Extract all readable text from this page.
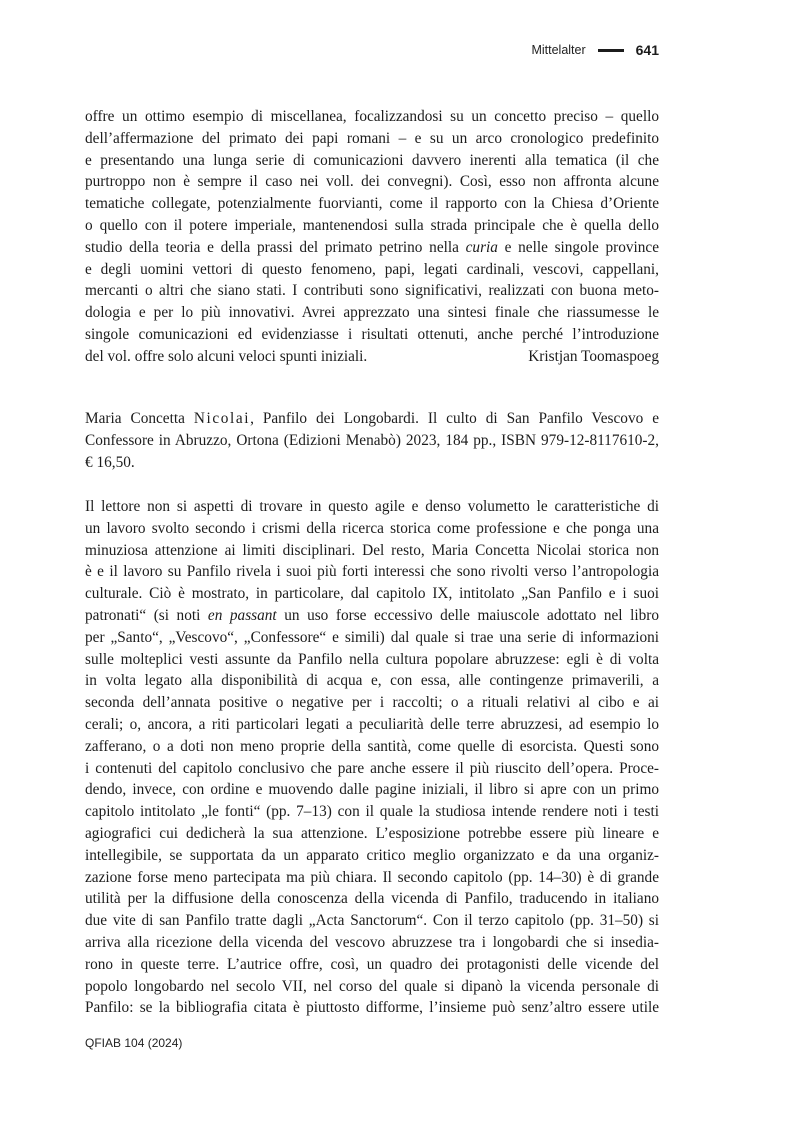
Mittelalter	641
offre un ottimo esempio di miscellanea, focalizzandosi su un concetto preciso – quello
dell’affermazione del primato dei papi romani – e su un arco cronologico predefinito
e presentando una lunga serie di comunicazioni davvero inerenti alla tematica (il che
purtroppo non è sempre il caso nei voll. dei convegni). Così, esso non affronta alcune
tematiche collegate, potenzialmente fuorvianti, come il rapporto con la Chiesa d’Oriente
o quello con il potere imperiale, mantenendosi sulla strada principale che è quella dello
studio della teoria e della prassi del primato petrino nella curia e nelle singole province
e degli uomini vettori di questo fenomeno, papi, legati cardinali, vescovi, cappellani,
mercanti o altri che siano stati. I contributi sono significativi, realizzati con buona meto-
dologia e per lo più innovativi. Avrei apprezzato una sintesi finale che riassumesse le
singole comunicazioni ed evidenziasse i risultati ottenuti, anche perché l’introduzione
del vol. offre solo alcuni veloci spunti iniziali.	Kristjan Toomaspoeg
Maria Concetta Nicolai, Panfilo dei Longobardi. Il culto di San Panfilo Vescovo e
Confessore in Abruzzo, Ortona (Edizioni Menabò) 2023, 184 pp., ISBN 979-12-8117610-2,
€ 16,50.
Il lettore non si aspetti di trovare in questo agile e denso volumetto le caratteristiche di
un lavoro svolto secondo i crismi della ricerca storica come professione e che ponga una
minuziosa attenzione ai limiti disciplinari. Del resto, Maria Concetta Nicolai storica non
è e il lavoro su Panfilo rivela i suoi più forti interessi che sono rivolti verso l’antropologia
culturale. Ciò è mostrato, in particolare, dal capitolo IX, intitolato „San Panfilo e i suoi
patronati“ (si noti en passant un uso forse eccessivo delle maiuscole adottato nel libro
per „Santo“, „Vescovo“, „Confessore“ e simili) dal quale si trae una serie di informazioni
sulle molteplici vesti assunte da Panfilo nella cultura popolare abruzzese: egli è di volta
in volta legato alla disponibilità di acqua e, con essa, alle contingenze primaverili, a
seconda dell’annata positive o negative per i raccolti; o a rituali relativi al cibo e ai
cerali; o, ancora, a riti particolari legati a peculiarità delle terre abruzzesi, ad esempio lo
zafferano, o a doti non meno proprie della santità, come quelle di esorcista. Questi sono
i contenuti del capitolo conclusivo che pare anche essere il più riuscito dell’opera. Proce-
dendo, invece, con ordine e muovendo dalle pagine iniziali, il libro si apre con un primo
capitolo intitolato „le fonti“ (pp. 7–13) con il quale la studiosa intende rendere noti i testi
agiografici cui dedicherà la sua attenzione. L’esposizione potrebbe essere più lineare e
intellegibile, se supportata da un apparato critico meglio organizzato e da una organiz-
zazione forse meno partecipata ma più chiara. Il secondo capitolo (pp. 14–30) è di grande
utilità per la diffusione della conoscenza della vicenda di Panfilo, traducendo in italiano
due vite di san Panfilo tratte dagli „Acta Sanctorum“. Con il terzo capitolo (pp. 31–50) si
arriva alla ricezione della vicenda del vescovo abruzzese tra i longobardi che si insedia-
rono in queste terre. L’autrice offre, così, un quadro dei protagonisti delle vicende del
popolo longobardo nel secolo VII, nel corso del quale si dipanò la vicenda personale di
Panfilo: se la bibliografia citata è piuttosto difforme, l’insieme può senz’altro essere utile
QFIAB 104 (2024)
